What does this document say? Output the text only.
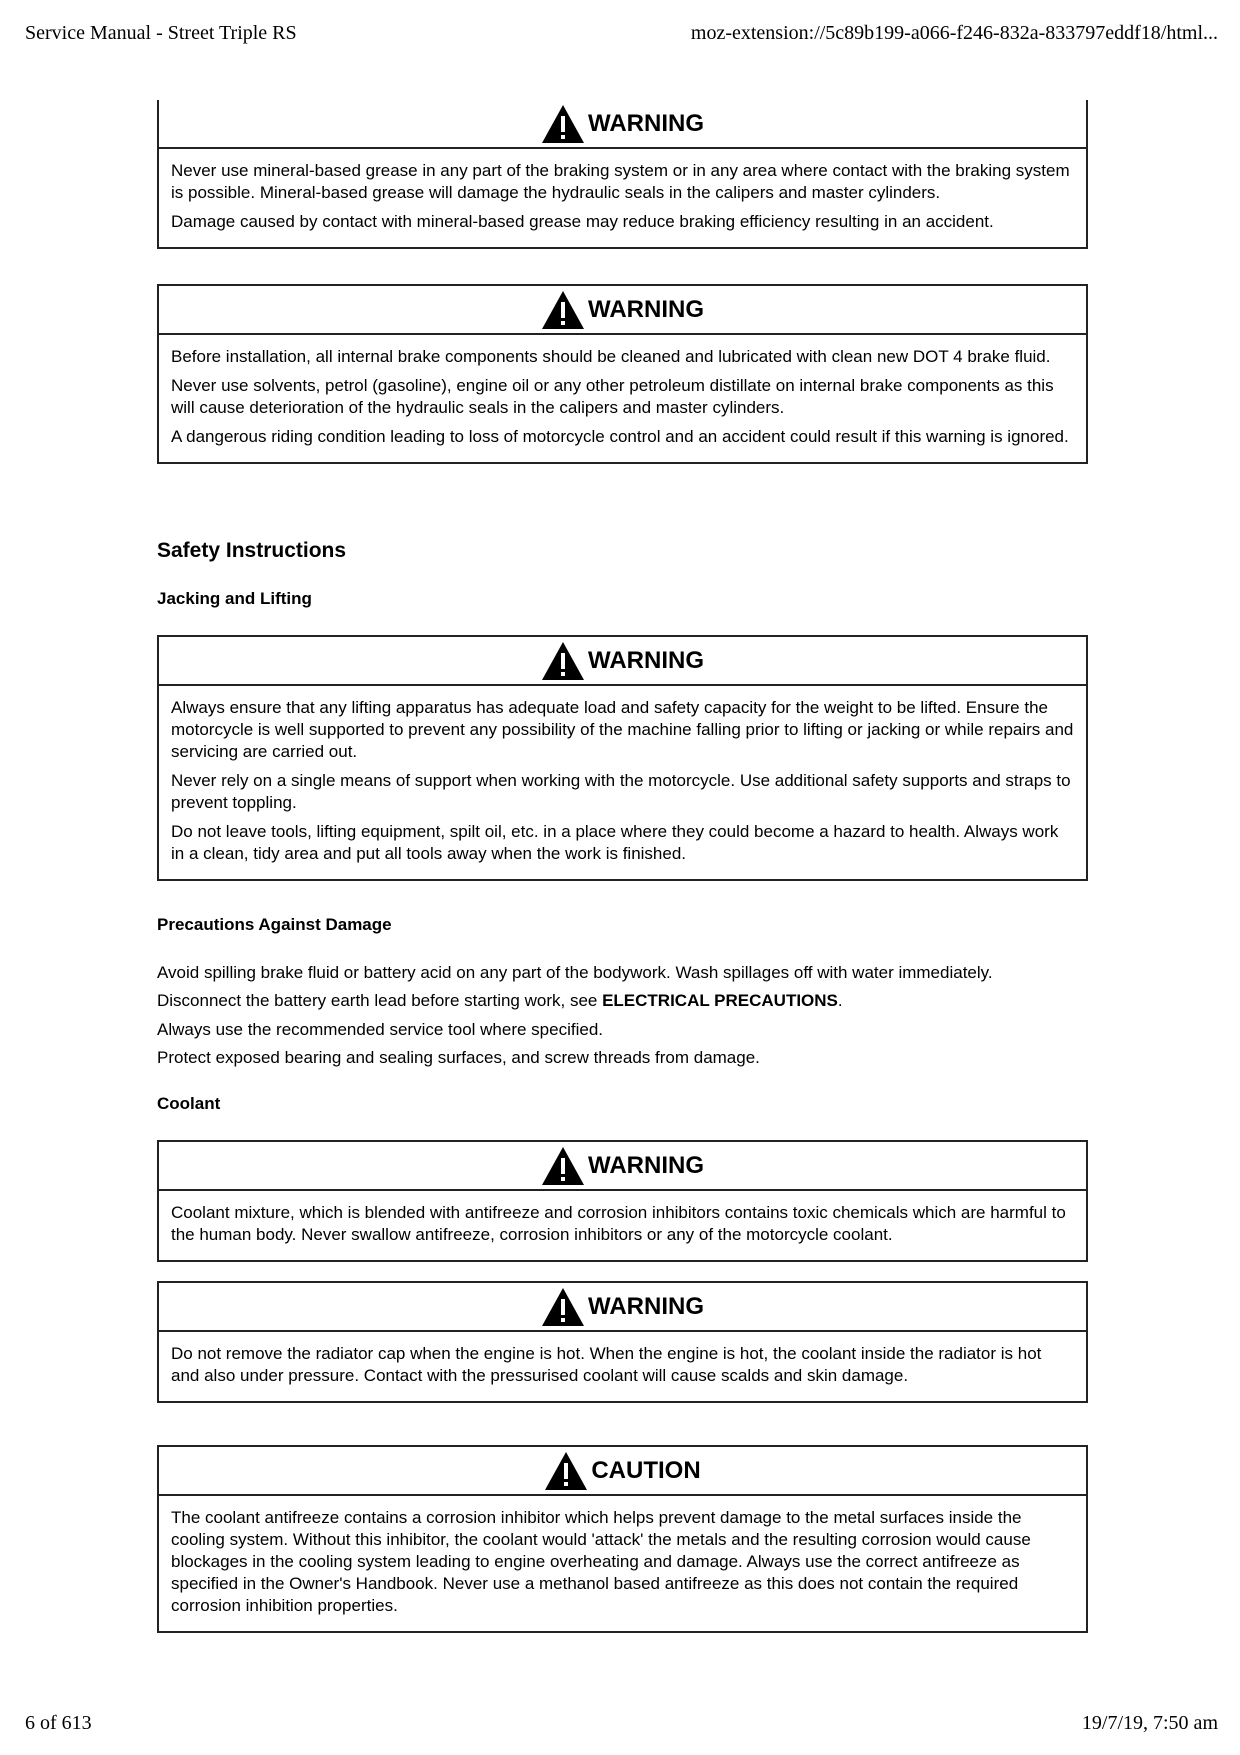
Service Manual - Street Triple RS	moz-extension://5c89b199-a066-f246-832a-833797eddf18/html...
WARNING

Never use mineral-based grease in any part of the braking system or in any area where contact with the braking system is possible. Mineral-based grease will damage the hydraulic seals in the calipers and master cylinders.

Damage caused by contact with mineral-based grease may reduce braking efficiency resulting in an accident.

WARNING

Before installation, all internal brake components should be cleaned and lubricated with clean new DOT 4 brake fluid.

Never use solvents, petrol (gasoline), engine oil or any other petroleum distillate on internal brake components as this will cause deterioration of the hydraulic seals in the calipers and master cylinders.

A dangerous riding condition leading to loss of motorcycle control and an accident could result if this warning is ignored.

Safety Instructions
Jacking and Lifting
WARNING

Always ensure that any lifting apparatus has adequate load and safety capacity for the weight to be lifted. Ensure the motorcycle is well supported to prevent any possibility of the machine falling prior to lifting or jacking or while repairs and servicing are carried out.

Never rely on a single means of support when working with the motorcycle. Use additional safety supports and straps to prevent toppling.

Do not leave tools, lifting equipment, spilt oil, etc. in a place where they could become a hazard to health. Always work in a clean, tidy area and put all tools away when the work is finished.

Precautions Against Damage
Avoid spilling brake fluid or battery acid on any part of the bodywork. Wash spillages off with water immediately.
Disconnect the battery earth lead before starting work, see ELECTRICAL PRECAUTIONS.
Always use the recommended service tool where specified.
Protect exposed bearing and sealing surfaces, and screw threads from damage.
Coolant
WARNING

Coolant mixture, which is blended with antifreeze and corrosion inhibitors contains toxic chemicals which are harmful to the human body. Never swallow antifreeze, corrosion inhibitors or any of the motorcycle coolant.

WARNING

Do not remove the radiator cap when the engine is hot. When the engine is hot, the coolant inside the radiator is hot and also under pressure. Contact with the pressurised coolant will cause scalds and skin damage.

CAUTION

The coolant antifreeze contains a corrosion inhibitor which helps prevent damage to the metal surfaces inside the cooling system. Without this inhibitor, the coolant would 'attack' the metals and the resulting corrosion would cause blockages in the cooling system leading to engine overheating and damage. Always use the correct antifreeze as specified in the Owner's Handbook. Never use a methanol based antifreeze as this does not contain the required corrosion inhibition properties.

6 of 613	19/7/19, 7:50 am
